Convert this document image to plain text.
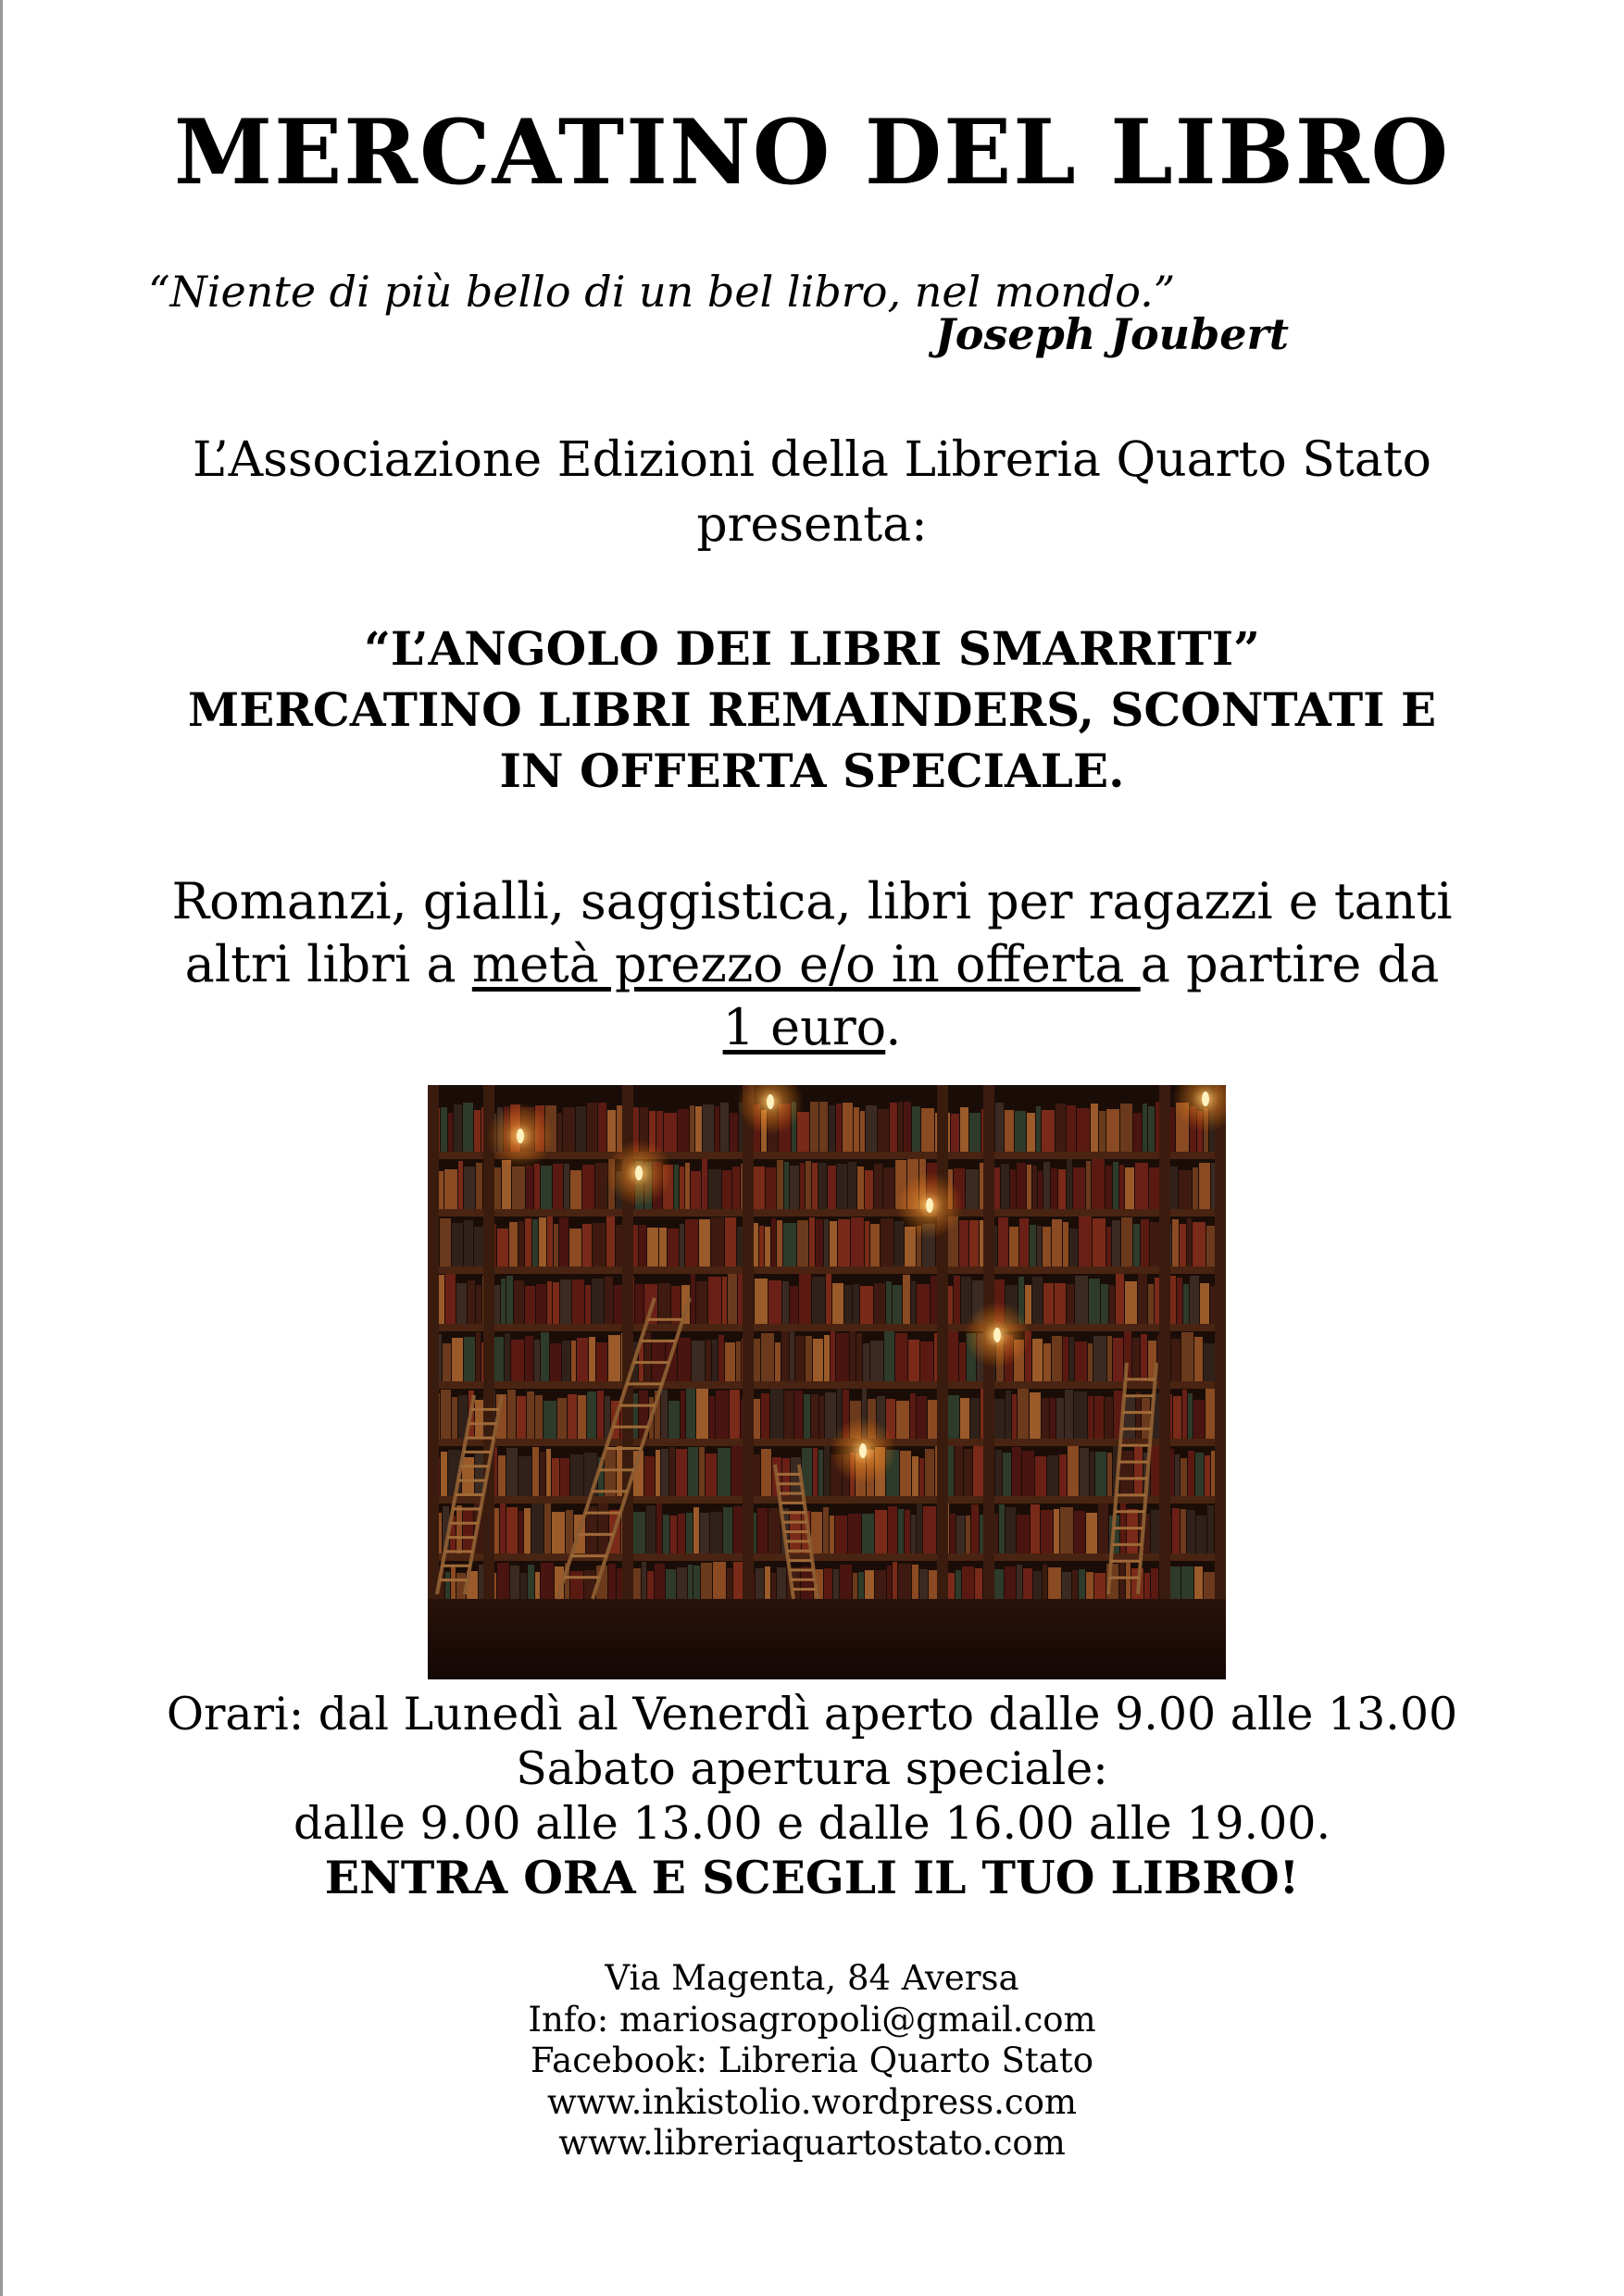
MERCATINO DEL LIBRO
“Niente di più bello di un bel libro, nel mondo.”
Joseph Joubert
L’Associazione Edizioni della Libreria Quarto Stato
presenta:
“L’ANGOLO DEI LIBRI SMARRITI”
MERCATINO LIBRI REMAINDERS, SCONTATI E
IN OFFERTA SPECIALE.
Romanzi, gialli, saggistica, libri per ragazzi e tanti
altri libri a metà prezzo e/o in offerta a partire da
1 euro.
Orari: dal Lunedì al Venerdì aperto dalle 9.00 alle 13.00
Sabato apertura speciale:
dalle 9.00 alle 13.00 e dalle 16.00 alle 19.00.
ENTRA ORA E SCEGLI IL TUO LIBRO!
Via Magenta, 84 Aversa
Info: mariosagropoli@gmail.com
Facebook: Libreria Quarto Stato
www.inkistolio.wordpress.com
www.libreriaquartostato.com
